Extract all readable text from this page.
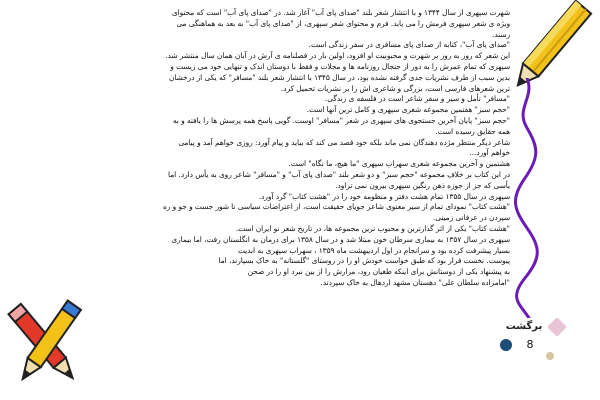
شهرت سپهری از سال ۱۳۴۴ و با انتشار شعر بلند "صدای پای آب" آغاز شد. در "صدای پای آب" است که محتوای

ویژه ی شعر سپهری فرمش را می یابد. فرم و محتوای شعر سپهری، از "صدای پای آب" به بعد به هماهنگی می

رسند.

"صدای پای آب"، کتابه از صدای پای مسافری در سفر زندگی است.

این شعر که روز به روز بر شهرت و محبوبیت او افزود، اولین بار در فصلنامه ی آرش در آبان همان سال منتشر شد.

سپهری که تمام عمرش را به دور از جنجال روزنامه ها و مجلات و فقط با دوستان اندک و تنهایی خود می زیست و

بدین سبب از طرف نشریات جدی گرفته نشده بود، در سال ۱۳۴۵ با انتشار شعر بلند "مسافر" که یکی از درخشان

ترین شعرهای فارسی است، بزرگی و شاعری اش را بر نشریات تحمیل کرد.

"مسافر" تأمل و سیر و سفر شاعر است در فلسفه ی زندگی.

"حجم سبز" هفتمین مجموعه شعری سپهری و کامل ترین آنها است.

"حجم سبز" پایان آخرین جستجوی های سپهری در شعر "مسافر" اوست. گویی پاسخ همه پرسش ها را یافته و به

همه حقایق رسیده است.

شاعر دیگر منتظر مژده دهندگان نمی ماند بلکه خود قصد می کند که بیاید و پیام آورد: روزی خواهم آمد و پیامی

خواهم آورد...

هشتمین و آخرین مجموعه شعری سهراب سپهری "ما هیچ، ما نگاه" است.

در این کتاب بر خلاف مجموعه "حجم سبز" و دو شعر بلند "صدای پای آب" و "مسافر" شاعر روی به یأس دارد. اما

یأسی که جز از جوزه ذهن رنگین سپهری بیرون نمی تراود.

سپهری در سال ۱۳۵۵ تمام هشت دفتر و منظومه خود را در "هشت کتاب" گرد آورد.

"هشت کتاب" نمودای تمام از سیر معنوی شاعر جویای حقیقت است، از اعتراضات سیاسی تا شور جست و جو و ره

سپردن در عرفانی زمینی.

"هشت کتاب" یکی از اثر گذارترین و محبوب ترین مجموعه ها، در تاریخ شعر نو ایران است.

سپهری در سال ۱۳۵۷ به بیماری سرطان خون مبتلا شد و در سال ۱۳۵۸ برای درمان به انگلستان رفت، اما بیماری

بسیار پیشرفت کرده بود و سرانجام در اول اردیبهشت ماه ۱۳۵۹ ، سهراب سپهری به ابدیت

پیوست. نخست قرار بود که طبق خواست خودش او را در روستای "گلستانه" به خاک بسپارند، اما

به پیشنهاد یکی از دوستانش برای اینکه طغیان رود، مزارش را از بین نبرد او را در صحن

"امامزاده سلطان علی" دهستان مشهد اردهال به خاک سپردند.

برگشت
8
